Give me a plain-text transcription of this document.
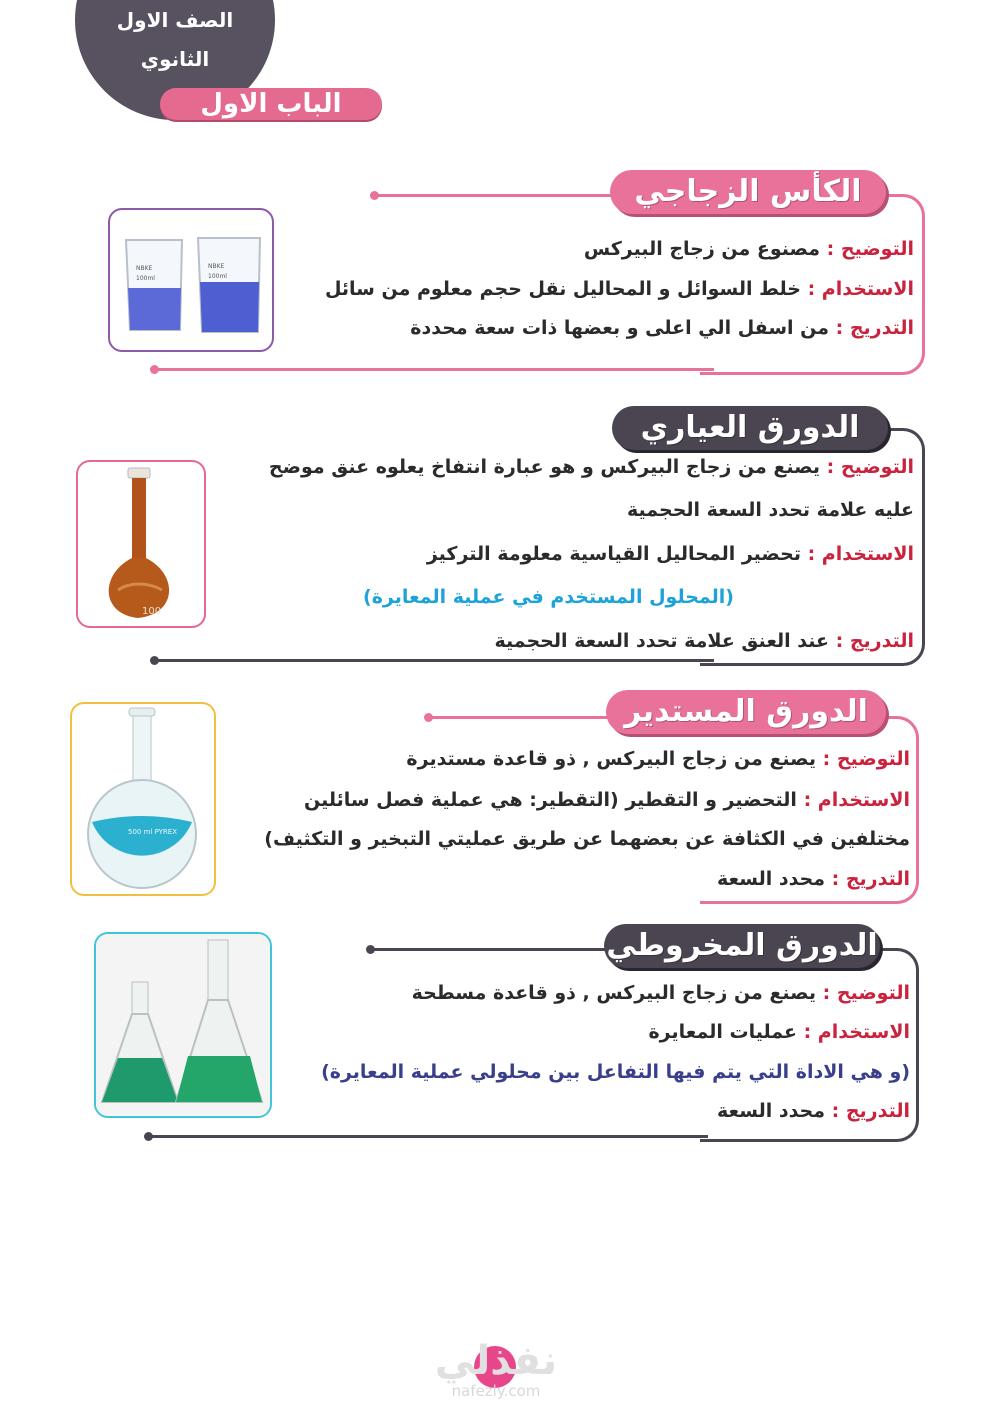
الصف الاول
الثانوي
الباب الاول
الكأس الزجاجي
NBKE
100ml
NBKE
100ml
التوضيح : مصنوع من زجاج البيركس
الاستخدام : خلط السوائل و المحاليل نقل حجم معلوم من سائل
التدريج : من اسفل الي اعلى و بعضها ذات سعة محددة
الدورق العياري
100
التوضيح : يصنع من زجاج البيركس و هو عبارة انتفاخ يعلوه عنق موضح
عليه علامة تحدد السعة الحجمية
الاستخدام : تحضير المحاليل القياسية معلومة التركيز
(المحلول المستخدم في عملية المعايرة)
التدريج : عند العنق علامة تحدد السعة الحجمية
الدورق المستدير
500 ml PYREX
التوضيح : يصنع من زجاج البيركس , ذو قاعدة مستديرة
الاستخدام : التحضير و التقطير (التقطير: هي عملية فصل سائلين
مختلفين في الكثافة عن بعضهما عن طريق عمليتي التبخير و التكثيف)
التدريج : محدد السعة
الدورق المخروطي
التوضيح : يصنع من زجاج البيركس , ذو قاعدة مسطحة
الاستخدام : عمليات المعايرة
(و هي الاداة التي يتم فيها التفاعل بين محلولي عملية المعايرة)
التدريج : محدد السعة
نفذلي
nafezly.com
